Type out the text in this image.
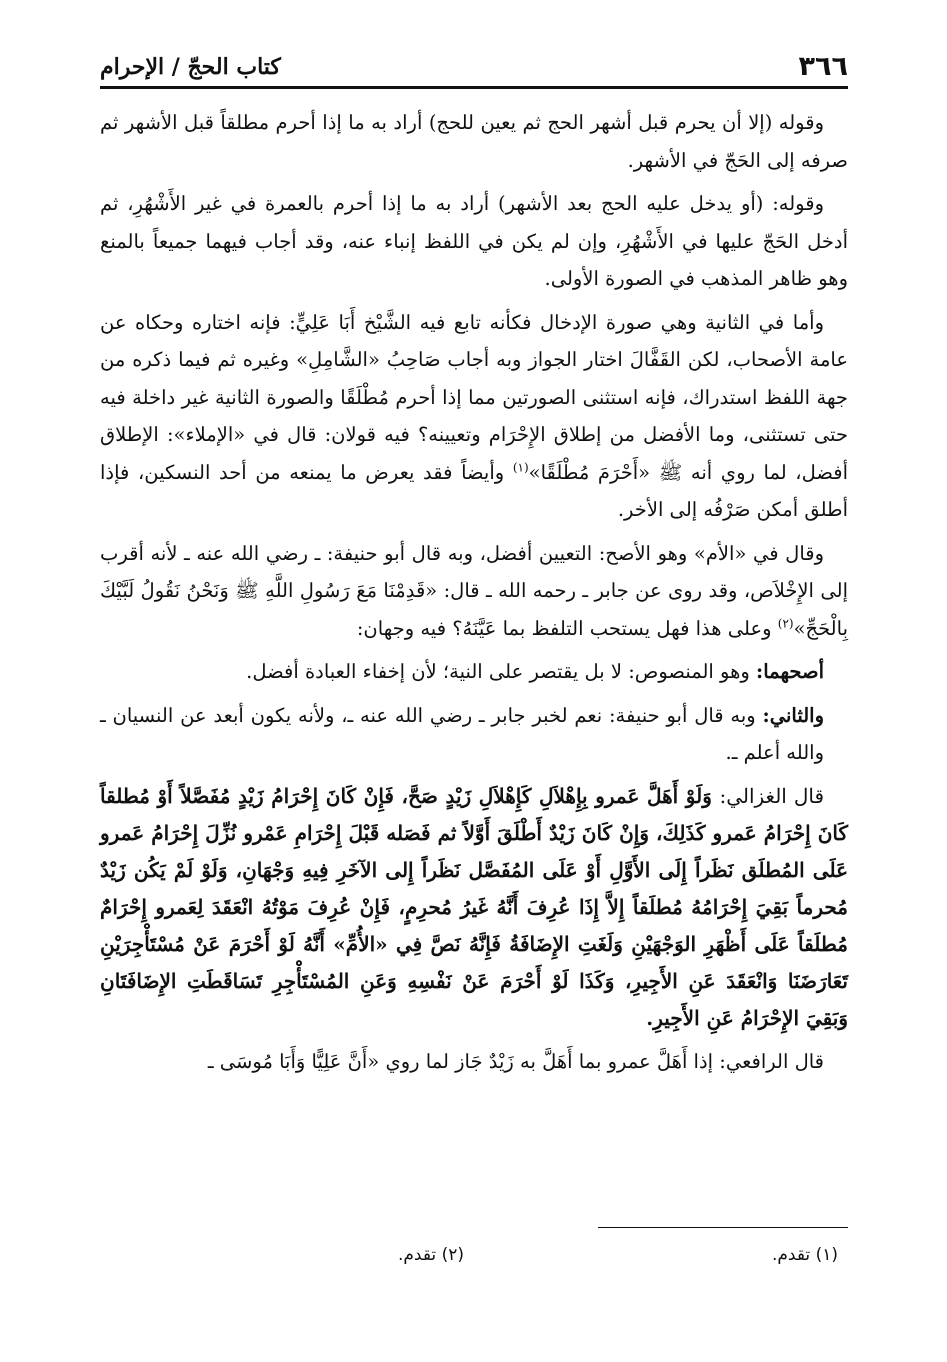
٣٦٦
كتاب الحجّ / الإحرام

وقوله (إلا أن يحرم قبل أشهر الحج ثم يعين للحج) أراد به ما إذا أحرم مطلقاً قبل الأشهر ثم صرفه إلى الحَجّ في الأشهر.

وقوله: (أو يدخل عليه الحج بعد الأشهر) أراد به ما إذا أحرم بالعمرة في غير الأَشْهُرِ، ثم أدخل الحَجّ عليها في الأَشْهُرِ، وإن لم يكن في اللفظ إنباء عنه، وقد أجاب فيهما جميعاً بالمنع وهو ظاهر المذهب في الصورة الأولى.

وأما في الثانية وهي صورة الإدخال فكأنه تابع فيه الشَّيْخ أَبَا عَلِيٍّ: فإنه اختاره وحكاه عن عامة الأصحاب، لكن القَفَّالَ اختار الجواز وبه أجاب صَاحِبُ «الشَّامِلِ» وغيره ثم فيما ذكره من جهة اللفظ استدراك، فإنه استثنى الصورتين مما إذا أحرم مُطْلَقًا والصورة الثانية غير داخلة فيه حتى تستثنى، وما الأفضل من إطلاق الإِحْرَام وتعيينه؟ فيه قولان: قال في «الإملاء»: الإطلاق أفضل، لما روي أنه ﷺ «أَحْرَمَ مُطْلَقًا»$^{(١)}$ وأيضاً فقد يعرض ما يمنعه من أحد النسكين، فإذا أطلق أمكن صَرْفُه إلى الأخر.

وقال في «الأم» وهو الأصح: التعيين أفضل، وبه قال أبو حنيفة: ـ رضي الله عنه ـ لأنه أقرب إلى الإِخْلاَص، وقد روى عن جابر ـ رحمه الله ـ قال: «قَدِمْنَا مَعَ رَسُولِ اللَّهِ ﷺ وَنَحْنُ نَقُولُ لَبَّيْكَ بِالْحَجِّ»$^{(٢)}$ وعلى هذا فهل يستحب التلفظ بما عَيَّنَهُ؟ فيه وجهان:

أصحهما: وهو المنصوص: لا بل يقتصر على النية؛ لأن إخفاء العبادة أفضل.

والثاني: وبه قال أبو حنيفة: نعم لخبر جابر ـ رضي الله عنه ـ، ولأنه يكون أبعد عن النسيان ـ والله أعلم ـ.

قال الغزالي: وَلَوْ أَهَلَّ عَمرو بِإِهْلاَلِ كَإِهْلاَلِ زَيْدٍ صَحَّ، فَإِنْ كَانَ إِحْرَامُ زَيْدٍ مُفَصَّلاً أَوْ مُطلقاً كَانَ إِحْرَامُ عَمرو كَذَلِكَ، وَإِنْ كَانَ زَيْدٌ أَطْلَقَ أَوَّلاً ثم فَصَله قَبْلَ إِحْرَامِ عَمْرو نُزِّلَ إِحْرَامُ عَمرو عَلَى المُطلَق نَظَراً إِلَى الأَوَّلِ أَوْ عَلَى المُفَصَّل نَظَراً إِلى الآخَرِ فِيهِ وَجْهَانِ، وَلَوْ لَمْ يَكُن زَيْدٌ مُحرماً بَقِيَ إِحْرَامُهُ مُطلَقاً إِلاَّ إِذَا عُرِفَ أَنَّهُ غَيرُ مُحرِمٍ، فَإِنْ عُرِفَ مَوْتُهُ انْعَقَدَ لِعَمرو إِحْرَامٌ مُطلَقاً عَلَى أَظْهَرِ الوَجْهَيْنِ وَلَغَتِ الإِضَافَةُ فَإِنَّهُ نَصَّ فِي «الأُمِّ» أَنَّهُ لَوْ أَحْرَمَ عَنْ مُسْتَأْجِرَيْنِ تَعَارَضَنَا وَانْعَقَدَ عَنِ الأَجِيرِ، وَكَذَا لَوْ أَحْرَمَ عَنْ نَفْسِهِ وَعَنِ المُسْتَأْجِرِ تَسَاقَطَتِ الإِضَافَتَانِ وَبَقِيَ الإِحْرَامُ عَنِ الأَجِيرِ.

قال الرافعي: إذا أَهَلَّ عمرو بما أَهَلَّ به زَيْدٌ جَاز لما روي «أَنَّ عَلِيًّا وَأَبَا مُوسَى ـ

(١) تقدم.
(٢) تقدم.
